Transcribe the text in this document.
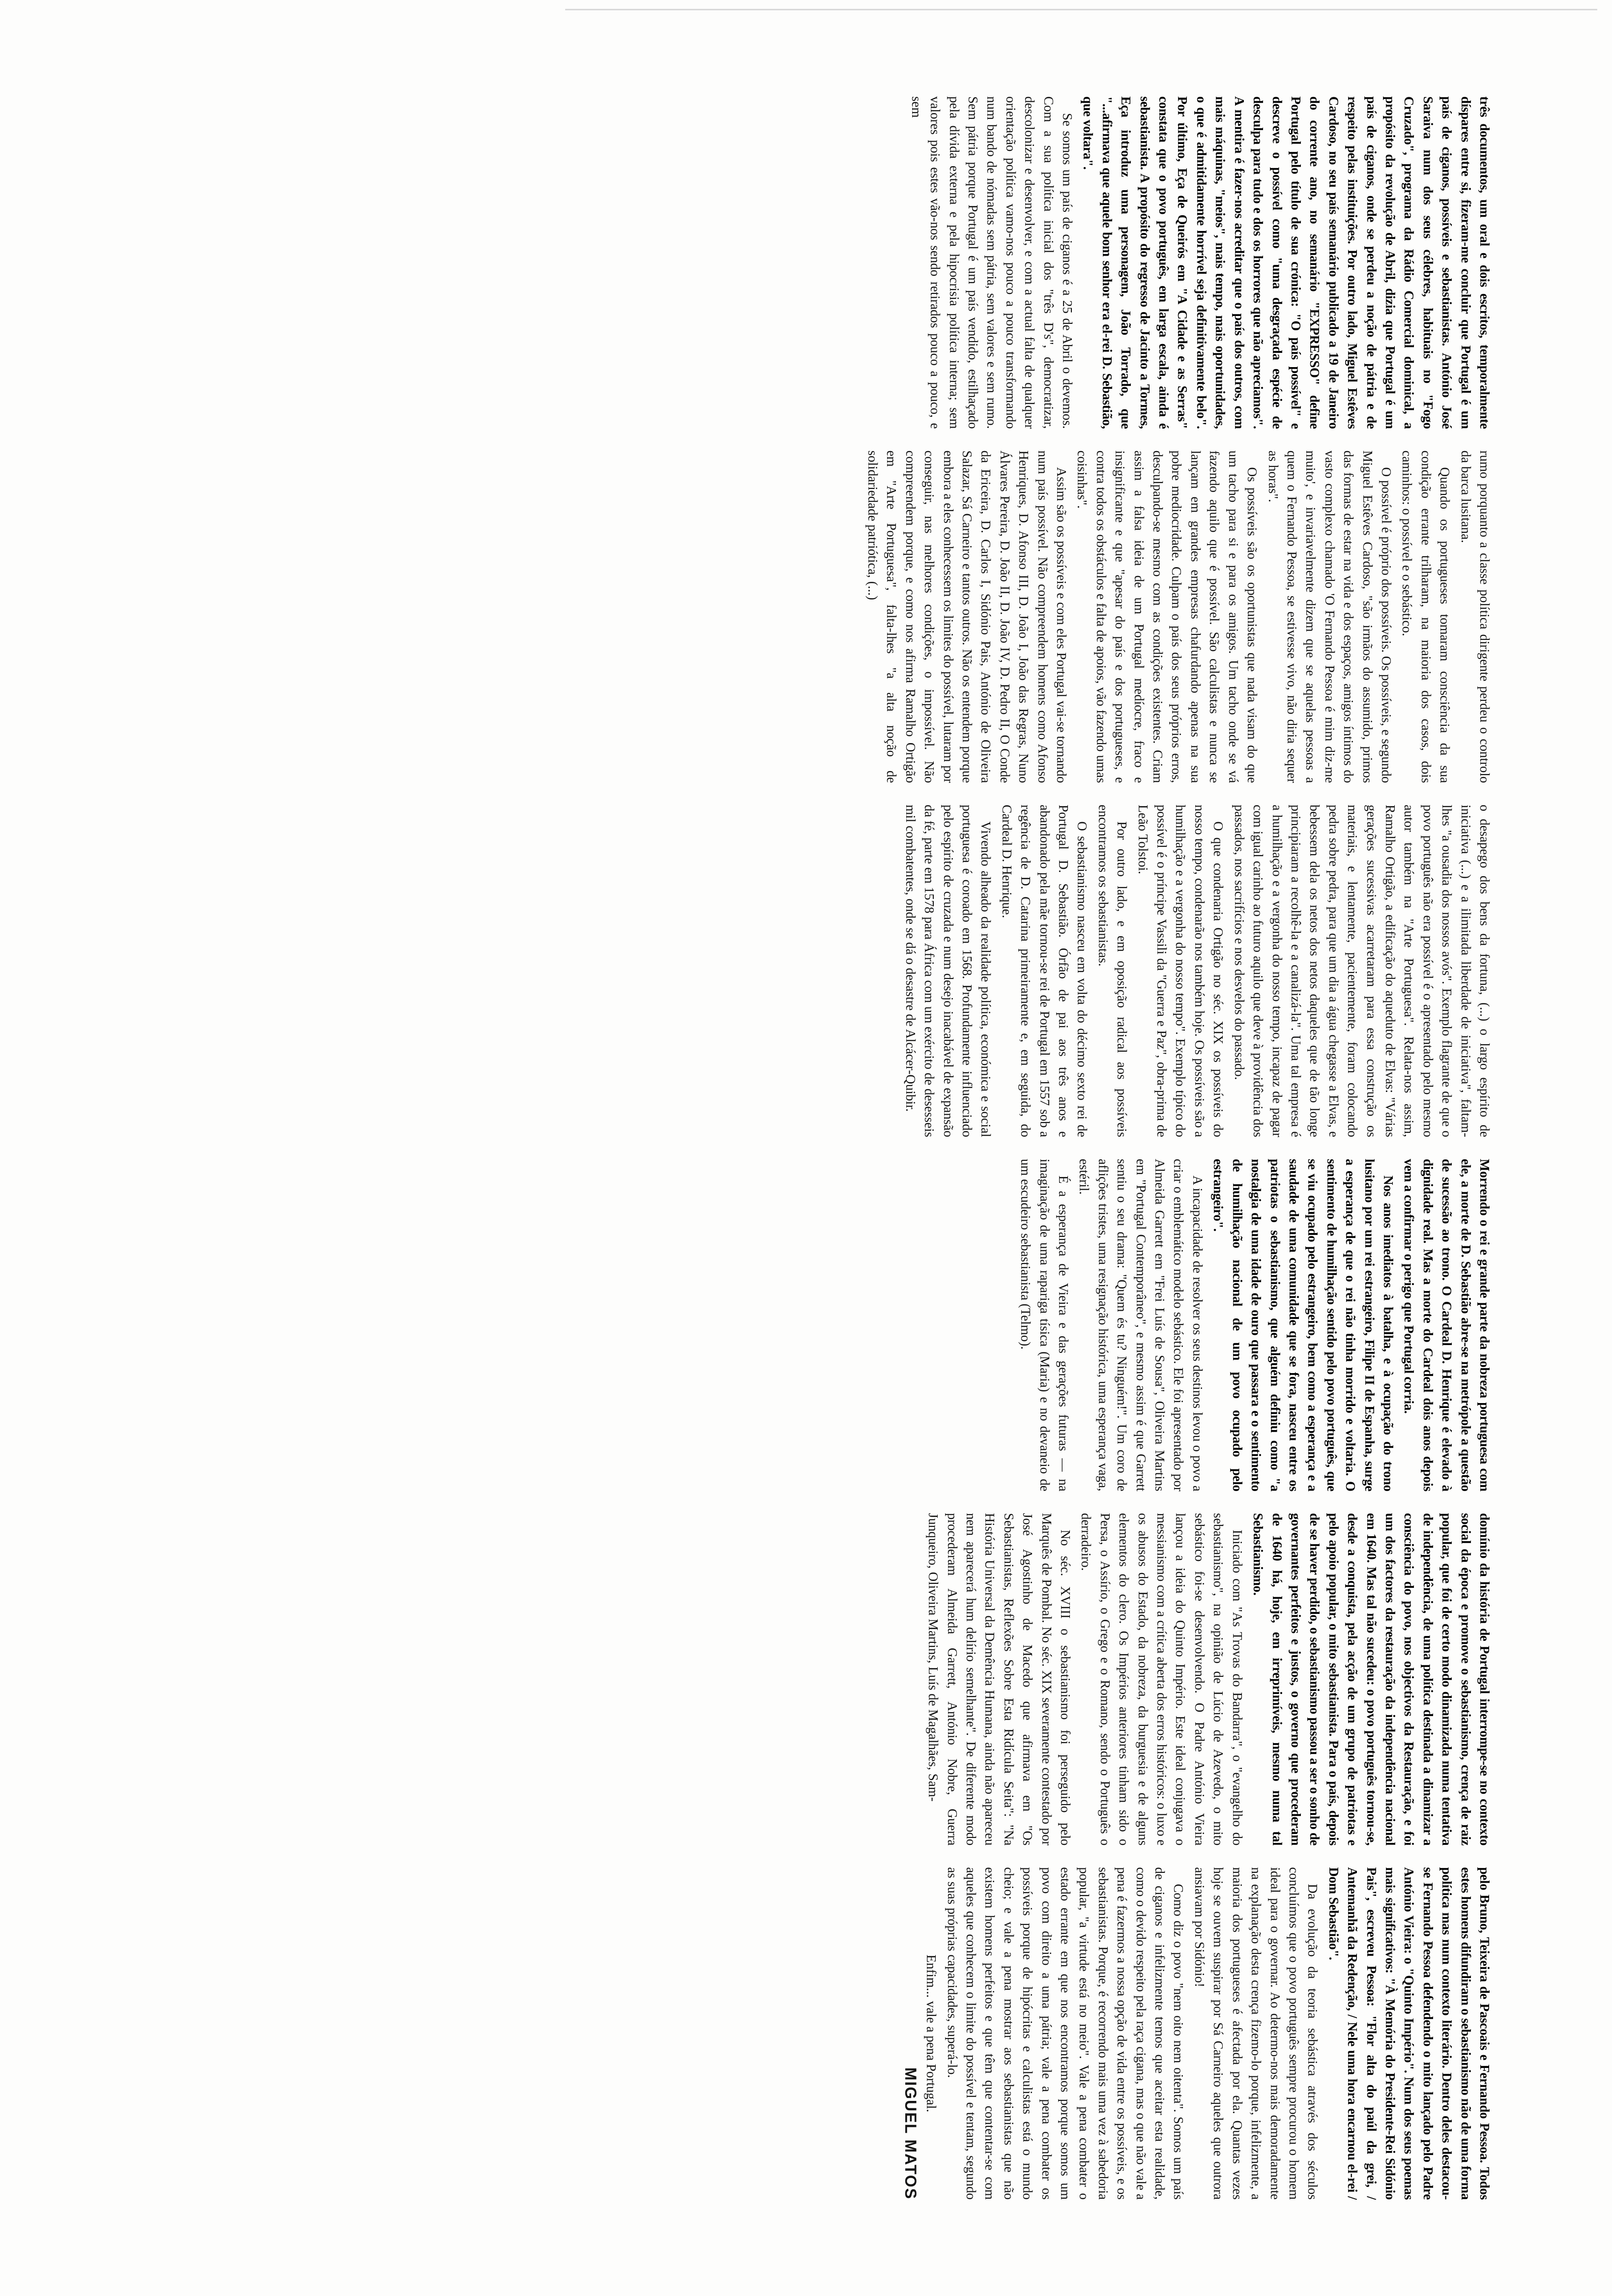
três documentos, um oral e dois escritos, temporalmente díspares entre si, fizeram-me concluir que Portugal é um país de ciganos, possíveis e sebastianistas. António José Saraiva num dos seus célebres, habituais no "Fogo Cruzado", programa da Rádio Comercial dominical, a propósito da revolução de Abril, dizia que Portugal é um país de ciganos, onde se perdeu a noção de pátria e de respeito pelas instituições. Por outro lado, Miguel Estêves Cardoso, no seu país semanário publicado a 19 de Janeiro do corrente ano, no semanário "EXPRESSO" define Portugal pelo título de sua crónica: "O país possível" e descreve o possível como "uma desgraçada espécie de desculpa para tudo e dos os horrores que não apreciamos". A mentira é fazer-nos acreditar que o país dos outros, com mais máquinas, "meios", mais tempo, mais oportunidades, o que é admitidamente horrível seja definitivamente belo". Por último, Eça de Queirós em "A Cidade e as Serras" constata que o povo português, em larga escala, ainda é sebastianista. A propósito do regresso de Jacinto a Tormes, Eça introduz uma personagem, João Torrado, que "...afirmava que aquele bom senhor era el-rei D. Sebastião, que voltara".

Se somos um país de ciganos é a 25 de Abril o devemos. Com a sua política inicial dos "três D's", democratizar, descolonizar e desenvolver, e com a actual falta de qualquer orientação política vamo-nos pouco a pouco transformando num bando de nómadas sem pátria, sem valores e sem rumo. Sem pátria porque Portugal é um país vendido, estilhaçado pela dívida externa e pela hipocrisia política interna; sem valores pois estes vão-nos sendo retirados pouco a pouco, e sem

rumo porquanto a classe política dirigente perdeu o controlo da barca lusitana.

Quando os portugueses tomaram consciência da sua condição errante trilharam, na maioria dos casos, dois caminhos: o possível e o sebástico.

O possível é próprio dos possíveis. Os possíveis, e segundo Miguel Estêves Cardoso, "são irmãos do assumido, primos das formas de estar na vida e dos espaços, amigos íntimos do vasto complexo chamado 'O Fernando Pessoa é mim diz-me muito', e invariavelmente dizem que se aquelas pessoas a quem o Fernando Pessoa, se estivesse vivo, não diria sequer as horas".

Os possíveis são os oportunistas que nada visam do que um tacho para si e para os amigos. Um tacho onde se vá fazendo aquilo que é possível. São calculistas e nunca se lançam em grandes empresas chafurdando apenas na sua pobre mediocridade. Culpam o país dos seus próprios erros, desculpando-se mesmo com as condições existentes. Criam assim a falsa ideia de um Portugal medíocre, fraco e insignificante e que "apesar do país e dos portugueses, e contra todos os obstáculos e falta de apoios, vão fazendo umas coisinhas".

Assim são os possíveis e com eles Portugal vai-se tornando num país possível. Não compreendem homens como Afonso Henriques, D. Afonso III, D. João I, João das Regras, Nuno Álvares Pereira, D. João II, D. João IV, D. Pedro II, O Conde da Ericeira, D. Carlos I, Sidónio Pais, António de Oliveira Salazar, Sá Carneiro e tantos outros. Não os entendem porque embora a eles conhecessem os limites do possível, lutaram por conseguir, nas melhores condições, o impossível. Não compreendem porque, e como nos afirma Ramalho Ortigão em "Arte Portuguesa", falta-lhes "a alta noção de solidariedade patriótica, (...)

o desapego dos bens da fortuna, (...) o largo espírito de iniciativa (...) e a ilimitada liberdade de iniciativa", faltam-lhes "a ousadia dos nossos avós". Exemplo flagrante de que o povo português não era possível é o apresentado pelo mesmo autor também na "Arte Portuguesa". Relata-nos assim, Ramalho Ortigão, a edificação do aqueduto de Elvas: "Várias gerações sucessivas acarretaram para essa construção os materiais, e lentamente, pacientemente, foram colocando pedra sobre pedra, para que um dia a água chegasse a Elvas, e bebessem dela os netos dos netos daqueles que de tão longe principiaram a recolhê-la e a canalizá-la". Uma tal empresa é a humilhação e a vergonha do nosso tempo, incapaz de pagar com igual carinho ao futuro aquilo que deve à providência dos passados, nos sacrifícios e nos desvelos do passado.

O que condenaria Ortigão no séc. XIX os possíveis do nosso tempo, condenarão nos também hoje. Os possíveis são a humilhação e a vergonha do nosso tempo". Exemplo típico do possível é o príncipe Vassili da "Guerra e Paz", obra-prima de Leão Tolstoi.

Por outro lado, e em oposição radical aos possíveis encontramos os sebastianistas.

O sebastianismo nasceu em volta do décimo sexto rei de Portugal D. Sebastião. Órfão de pai aos três anos e abandonado pela mãe tornou-se rei de Portugal em 1557 sob a regência de D. Catarina primeiramente e, em seguida, do Cardeal D. Henrique.

Vivendo alheado da realidade política, económica e social portuguesa é coroado em 1568. Profundamente influenciado pelo espírito de cruzada e num desejo inacabável de expansão da fé, parte em 1578 para África com um exército de desesseis mil combatentes, onde se dá o desastre de Alcácer-Quibir.

Morrendo o rei e grande parte da nobreza portuguesa com ele, a morte de D. Sebastião abre-se na metrópole a questão de sucessão ao trono. O Cardeal D. Henrique é elevado à dignidade real. Mas a morte do Cardeal dois anos depois vem a confirmar o perigo que Portugal corria.

Nos anos imediatos à batalha, e à ocupação do trono lusitano por um rei estrangeiro, Filipe II de Espanha, surge a esperança de que o rei não tinha morrido e voltaria. O sentimento de humilhação sentido pelo povo português, que se viu ocupado pelo estrangeiro, bem como a esperança e a saudade de uma comunidade que se fora, nasceu entre os patriotas o sebastianismo, que alguém definiu como "a nostalgia de uma idade de ouro que passara e o sentimento de humilhação nacional de um povo ocupado pelo estrangeiro".

A incapacidade de resolver os seus destinos levou o povo a criar o emblemático modelo sebástico. Ele foi apresentado por Almeida Garrett em "Frei Luís de Sousa", Oliveira Martins em "Portugal Contemporâneo", e mesmo assim é que Garrett sentiu o seu drama: "Quem és tu? Ninguém!". Um coro de aflições tristes, uma resignação histórica, uma esperança vaga, estéril.

É a esperança de Vieira e das gerações futuras — na imaginação de uma rapariga tísica (Maria) e no devaneio de um escudeiro sebastianista (Telmo).

domínio da história de Portugal interrompe-se no contexto social da época e promove o sebastianismo, crença de raiz popular, que foi de certo modo dinamizada numa tentativa de independência, de uma política destinada a dinamizar a consciência do povo, nos objectivos da Restauração, e foi um dos factores da restauração da independência nacional em 1640. Mas tal não sucedeu: o povo português tornou-se, desde a conquista, pela acção de um grupo de patriotas e pelo apoio popular, o mito sebastianista. Para o país, depois de se haver perdido, o sebastianismo passou a ser o sonho de governantes perfeitos e justos, o governo que procederam de 1640 há, hoje, em irreprimíveis, mesmo numa tal Sebastianismo.

Iniciado com "As Trovas do Bandarra", o "evangelho do sebastianismo", na opinião de Lúcio de Azevedo, o mito sebástico foi-se desenvolvendo. O Padre António Vieira lançou a ideia do Quinto Império. Este ideal conjugava o messianismo com a crítica aberta dos erros históricos: o luxo e os abusos do Estado, da nobreza, da burguesia e de alguns elementos do clero. Os Impérios anteriores tinham sido o Persa, o Assírio, o Grego e o Romano, sendo o Português o derradeiro.

No séc. XVIII o sebastianismo foi perseguido pelo Marquês de Pombal. No séc. XIX severamente contestado por José Agostinho de Macedo que afirmava em "Os Sebastianistas, Reflexões Sobre Esta Ridícula Seita": "Na História Universal da Demência Humana, ainda não apareceu nem aparecerá hum delírio semelhante". De diferente modo procederam Almeida Garrett, António Nobre, Guerra Junqueiro, Oliveira Martins, Luís de Magalhães, Sam-

pelo Bruno, Teixeira de Pascoais e Fernando Pessoa. Todos estes homens difundiram o sebastianismo não de uma forma política mas num contexto literário. Dentro deles destacou-se Fernando Pessoa defendendo o mito lançado pelo Padre António Vieira: o "Quinto Império". Num dos seus poemas mais significativos: "À Memória do Presidente-Rei Sidónio Pais", escreveu Pessoa: "Flor alta do paúl da grei, / Antemanhã da Redenção, / Nele uma hora encarnou el-rei / Dom Sebastião".

Da evolução da teoria sebástica através dos séculos concluímos que o povo português sempre procurou o homem ideal para o governar. Ao determo-nos mais demoradamente na explanação desta crença fizemo-lo porque, infelizmente, a maioria dos portugueses é afectada por ela. Quantas vezes hoje se ouvem suspirar por Sá Carneiro aqueles que outrora ansiavam por Sidónio!

Como diz o povo "nem oito nem oitenta". Somos um país de ciganos e infelizmente temos que aceitar esta realidade, como o devido respeito pela raça cigana, mas o que não vale a pena é fazermos a nossa opção de vida entre os possíveis, e os sebastianistas. Porque, é recorrendo mais uma vez à sabedoria popular, "a virtude está no meio". Vale a pena combater o estado errante em que nos encontramos porque somos um povo com direito a uma pátria; vale a pena combater os possíveis porque de hipócritas e calculistas está o mundo cheio; e vale a pena mostrar aos sebastianistas que não existem homens perfeitos e que têm que contentar-se com aqueles que conhecem o limite do possível e tentam, segundo as suas próprias capacidades, superá-lo.

Enfim... vale a pena Portugal.

MIGUEL MATOS
